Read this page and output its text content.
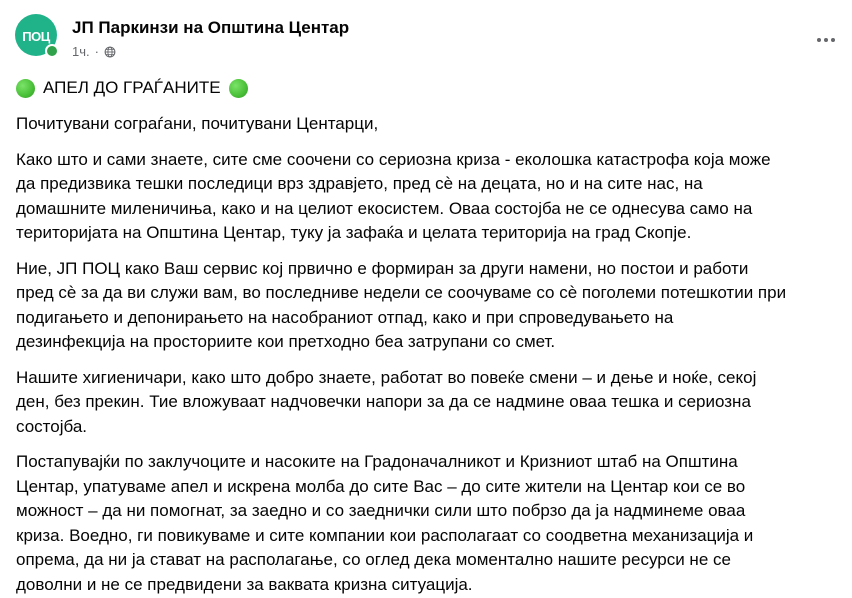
ПОЦ ЈП Паркинзи на Општина Центар
1ч. ·
АПЕЛ ДО ГРАЃАНИТЕ

Почитувани сограѓани, почитувани Центарци,

Како што и сами знаете, сите сме соочени со сериозна криза - еколошка катастрофа која може
да предизвика тешки последици врз здравјето, пред сѐ на децата, но и на сите нас, на
домашните миленичиња, како и на целиот екосистем. Оваа состојба не се однесува само на
територијата на Општина Центар, туку ја зафаќа и целата територија на град Скопје.

Ние, ЈП ПОЦ како Ваш сервис кој првично е формиран за други намени, но постои и работи
пред сѐ за да ви служи вам, во последниве недели се соочуваме со сѐ поголеми потешкотии при
подигањето и депонирањето на насобраниот отпад, како и при спроведувањето на
дезинфекција на просториите кои претходно беа затрупани со смет.

Нашите хигиеничари, како што добро знаете, работат во повеќе смени – и дење и ноќе, секој
ден, без прекин. Тие вложуваат надчовечки напори за да се надмине оваа тешка и сериозна
состојба.

Постапувајќи по заклучоците и насоките на Градоначалникот и Кризниот штаб на Општина
Центар, упатуваме апел и искрена молба до сите Вас – до сите жители на Центар кои се во
можност – да ни помогнат, за заедно и со заеднички сили што побрзо да ја надминеме оваа
криза. Воедно, ги повикуваме и сите компании кои располагаат со соодветна механизација и
опрема, да ни ја стават на располагање, со оглед дека моментално нашите ресурси не се
доволни и не се предвидени за ваквата кризна ситуација.
